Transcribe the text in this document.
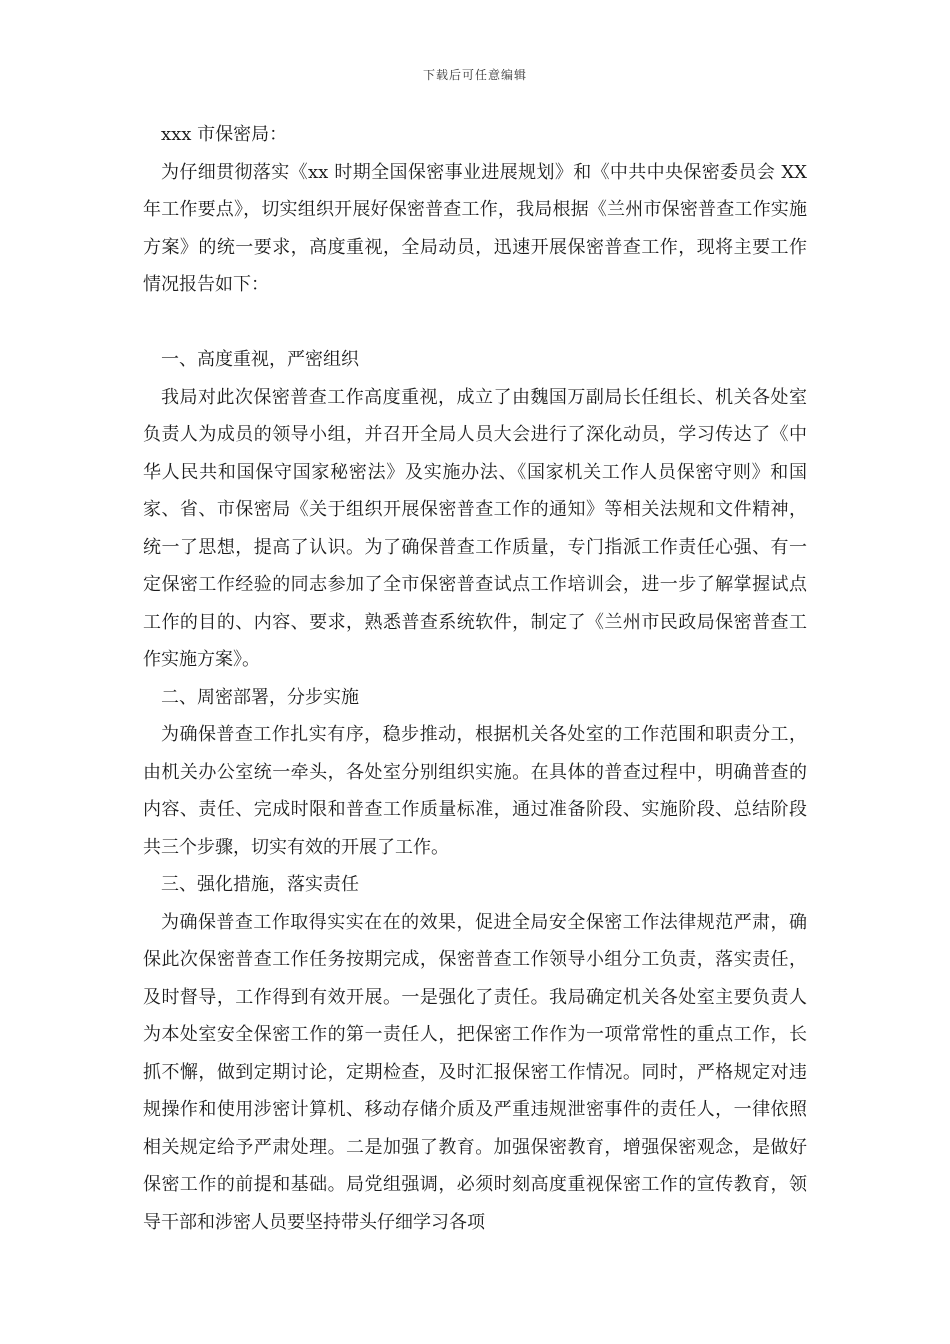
下载后可任意编辑

xxx 市保密局：

为仔细贯彻落实《xx 时期全国保密事业进展规划》和《中共中央保密委员会 XX 年工作要点》，切实组织开展好保密普查工作，我局根据《兰州市保密普查工作实施方案》的统一要求，高度重视，全局动员，迅速开展保密普查工作，现将主要工作情况报告如下：

一、高度重视，严密组织

我局对此次保密普查工作高度重视，成立了由魏国万副局长任组长、机关各处室负责人为成员的领导小组，并召开全局人员大会进行了深化动员，学习传达了《中华人民共和国保守国家秘密法》及实施办法、《国家机关工作人员保密守则》和国家、省、市保密局《关于组织开展保密普查工作的通知》等相关法规和文件精神，统一了思想，提高了认识。为了确保普查工作质量，专门指派工作责任心强、有一定保密工作经验的同志参加了全市保密普查试点工作培训会，进一步了解掌握试点工作的目的、内容、要求，熟悉普查系统软件，制定了《兰州市民政局保密普查工作实施方案》。

二、周密部署，分步实施

为确保普查工作扎实有序，稳步推动，根据机关各处室的工作范围和职责分工，由机关办公室统一牵头，各处室分别组织实施。在具体的普查过程中，明确普查的内容、责任、完成时限和普查工作质量标准，通过准备阶段、实施阶段、总结阶段共三个步骤，切实有效的开展了工作。

三、强化措施，落实责任

为确保普查工作取得实实在在的效果，促进全局安全保密工作法律规范严肃，确保此次保密普查工作任务按期完成，保密普查工作领导小组分工负责，落实责任，及时督导，工作得到有效开展。一是强化了责任。我局确定机关各处室主要负责人为本处室安全保密工作的第一责任人，把保密工作作为一项常常性的重点工作，长抓不懈，做到定期讨论，定期检查，及时汇报保密工作情况。同时，严格规定对违规操作和使用涉密计算机、移动存储介质及严重违规泄密事件的责任人，一律依照相关规定给予严肃处理。二是加强了教育。加强保密教育，增强保密观念，是做好保密工作的前提和基础。局党组强调，必须时刻高度重视保密工作的宣传教育，领导干部和涉密人员要坚持带头仔细学习各项
